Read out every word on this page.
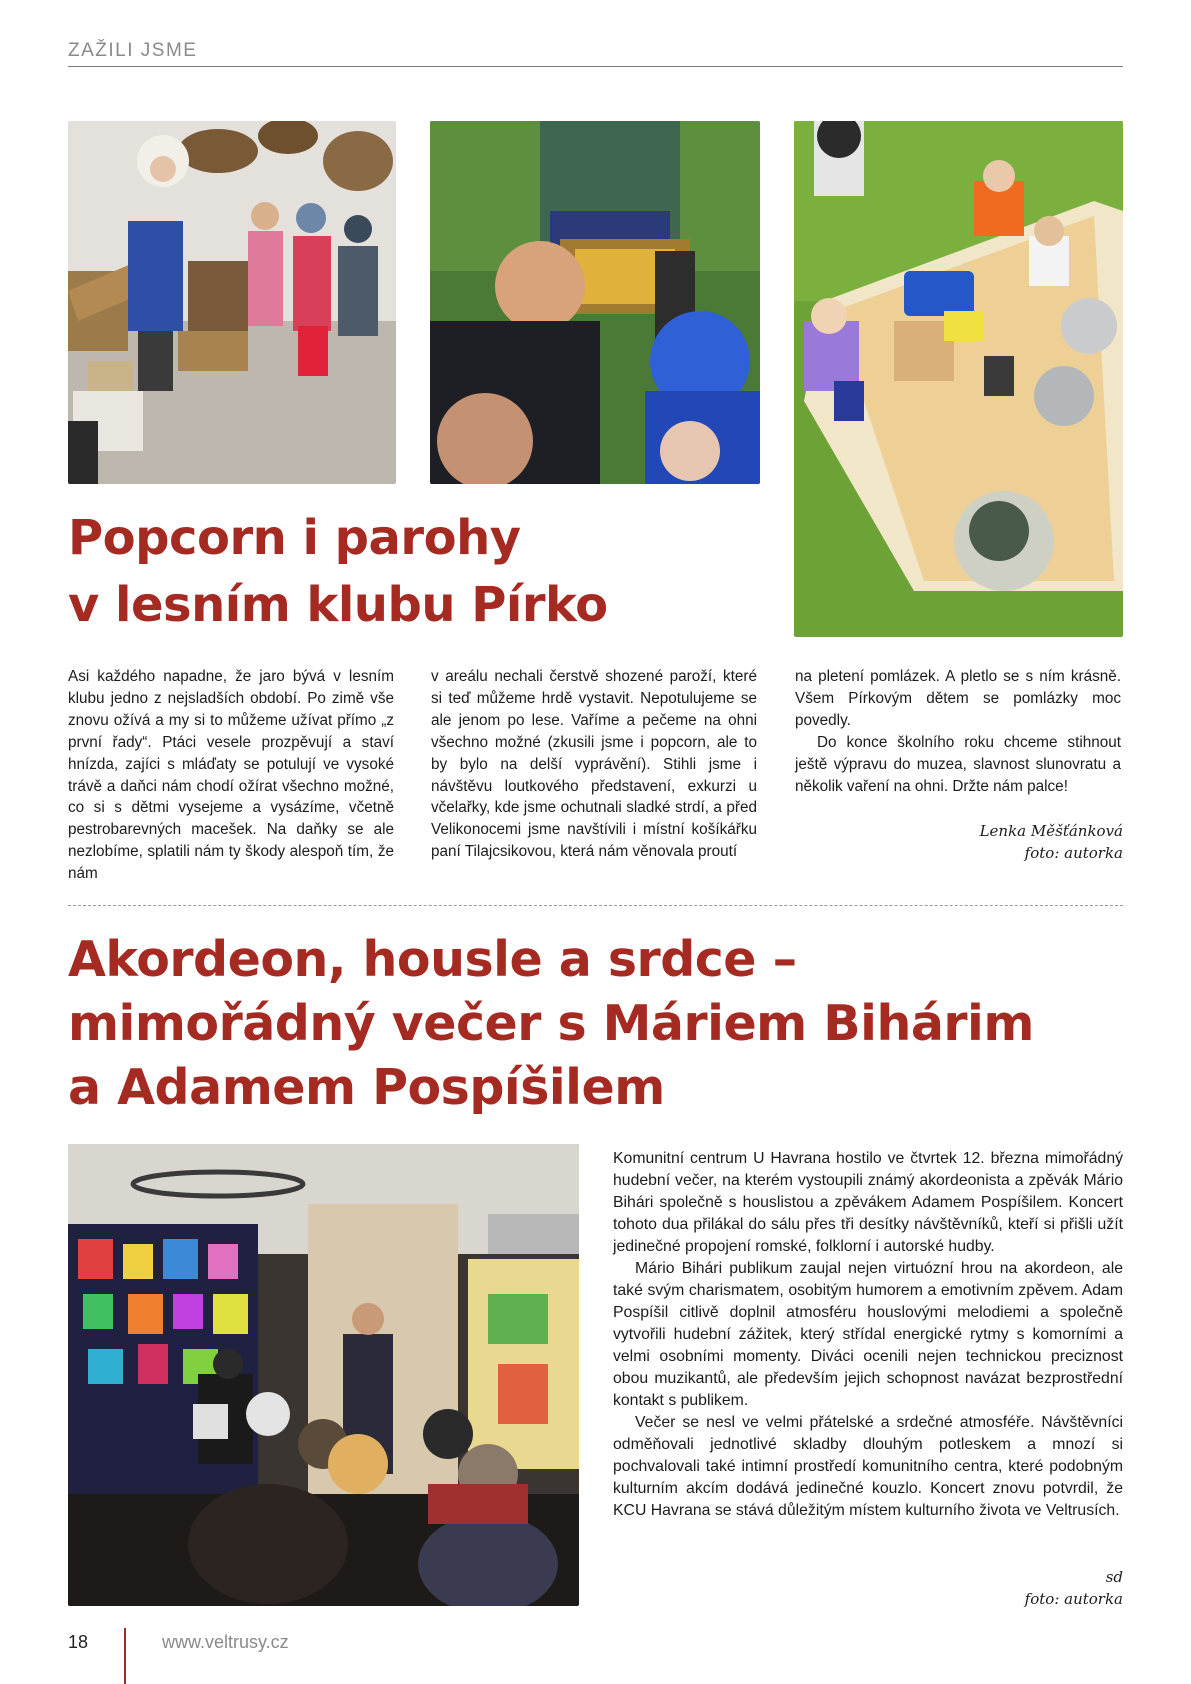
ZAŽILI JSME
Popcorn i parohy
v lesním klubu Pírko

Asi každého napadne, že jaro bývá v lesním klubu jedno z nejsladších období. Po zimě vše znovu ožívá a my si to můžeme užívat přímo „z první řady“. Ptáci vesele prozpěvují a staví hnízda, zajíci s mláďaty se potulují ve vysoké trávě a daňci nám chodí ožírat všechno možné, co si s dětmi vysejeme a vysázíme, včetně pestrobarevných macešek. Na daňky se ale nezlobíme, splatili nám ty škody alespoň tím, že nám

v areálu nechali čerstvě shozené paroží, které si teď můžeme hrdě vystavit. Nepotulujeme se ale jenom po lese. Vaříme a pečeme na ohni všechno možné (zkusili jsme i popcorn, ale to by bylo na delší vyprávění). Stihli jsme i návštěvu loutkového představení, exkurzi u včelařky, kde jsme ochutnali sladké strdí, a před Velikonocemi jsme navštívili i místní košíkářku paní Tilajcsikovou, která nám věnovala proutí

na pletení pomlázek. A pletlo se s ním krásně. Všem Pírkovým dětem se pomlázky moc povedly.

Do konce školního roku chceme stihnout ještě výpravu do muzea, slavnost slunovratu a několik vaření na ohni. Držte nám palce!

Lenka Měšťánková
foto: autorka
Akordeon, housle a srdce –
mimořádný večer s Máriem Bihárim
a Adamem Pospíšilem

Komunitní centrum U Havrana hostilo ve čtvrtek 12. března mimořádný hudební večer, na kterém vystoupili známý akordeonista a zpěvák Mário Bihári společně s houslistou a zpěvákem Adamem Pospíšilem. Koncert tohoto dua přilákal do sálu přes tři desítky návštěvníků, kteří si přišli užít jedinečné propojení romské, folklorní i autorské hudby.

Mário Bihári publikum zaujal nejen virtuózní hrou na akordeon, ale také svým charismatem, osobitým humorem a emotivním zpěvem. Adam Pospíšil citlivě doplnil atmosféru houslovými melodiemi a společně vytvořili hudební zážitek, který střídal energické rytmy s komorními a velmi osobními momenty. Diváci ocenili nejen technickou preciznost obou muzikantů, ale především jejich schopnost navázat bezprostřední kontakt s publikem.

Večer se nesl ve velmi přátelské a srdečné atmosféře. Návštěvníci odměňovali jednotlivé skladby dlouhým potleskem a mnozí si pochvalovali také intimní prostředí komunitního centra, které podobným kulturním akcím dodává jedinečné kouzlo. Koncert znovu potvrdil, že KCU Havrana se stává důležitým místem kulturního života ve Veltrusích.

sd
foto: autorka
18	www.veltrusy.cz
